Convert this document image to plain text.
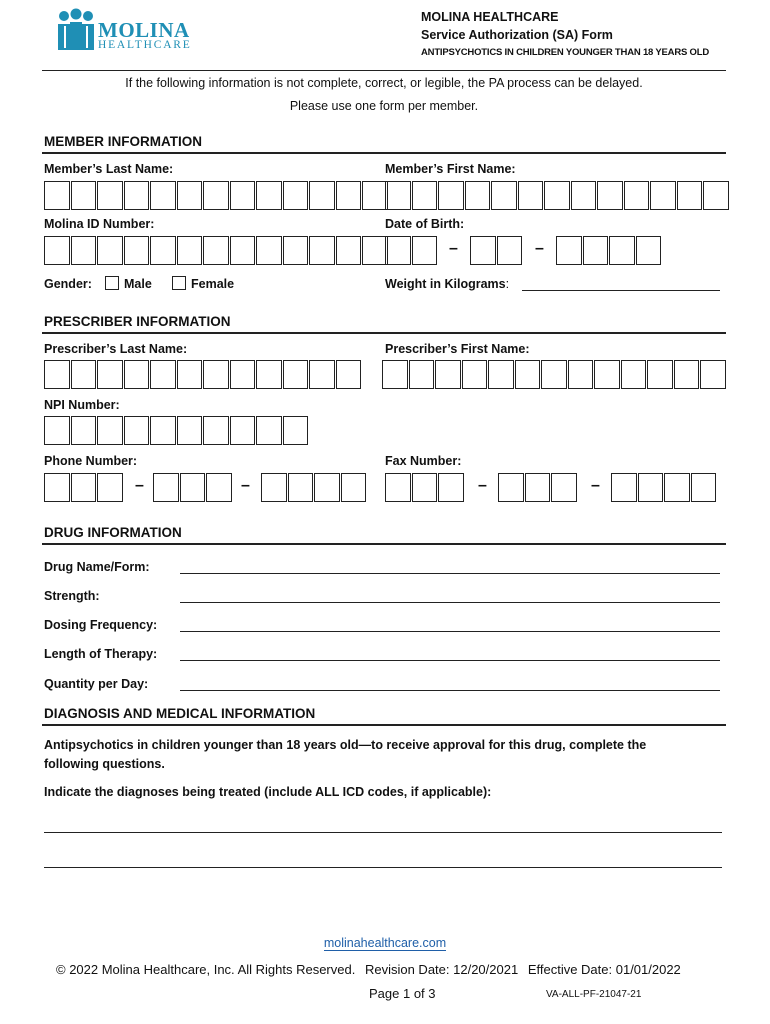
MOLINA
HEALTHCARE
MOLINA HEALTHCARE
Service Authorization (SA) Form
ANTIPSYCHOTICS IN CHILDREN YOUNGER THAN 18 YEARS OLD
If the following information is not complete, correct, or legible, the PA process can be delayed.
Please use one form per member.
MEMBER INFORMATION
Member’s Last Name:	Member’s First Name:
Molina ID Number:	Date of Birth:
–	–
Gender:	Male	Female	Weight in Kilograms:
PRESCRIBER INFORMATION
Prescriber’s Last Name:	Prescriber’s First Name:
NPI Number:
Phone Number:	Fax Number:
–	–	–	–
DRUG INFORMATION
Drug Name/Form:
Strength:
Dosing Frequency:
Length of Therapy:
Quantity per Day:
DIAGNOSIS AND MEDICAL INFORMATION
Antipsychotics in children younger than 18 years old—to receive approval for this drug, complete the
following questions.
Indicate the diagnoses being treated (include ALL ICD codes, if applicable):
molinahealthcare.com
© 2022 Molina Healthcare, Inc. All Rights Reserved. Revision Date: 12/20/2021 Effective Date: 01/01/2022
Page 1 of 3	VA-ALL-PF-21047-21
